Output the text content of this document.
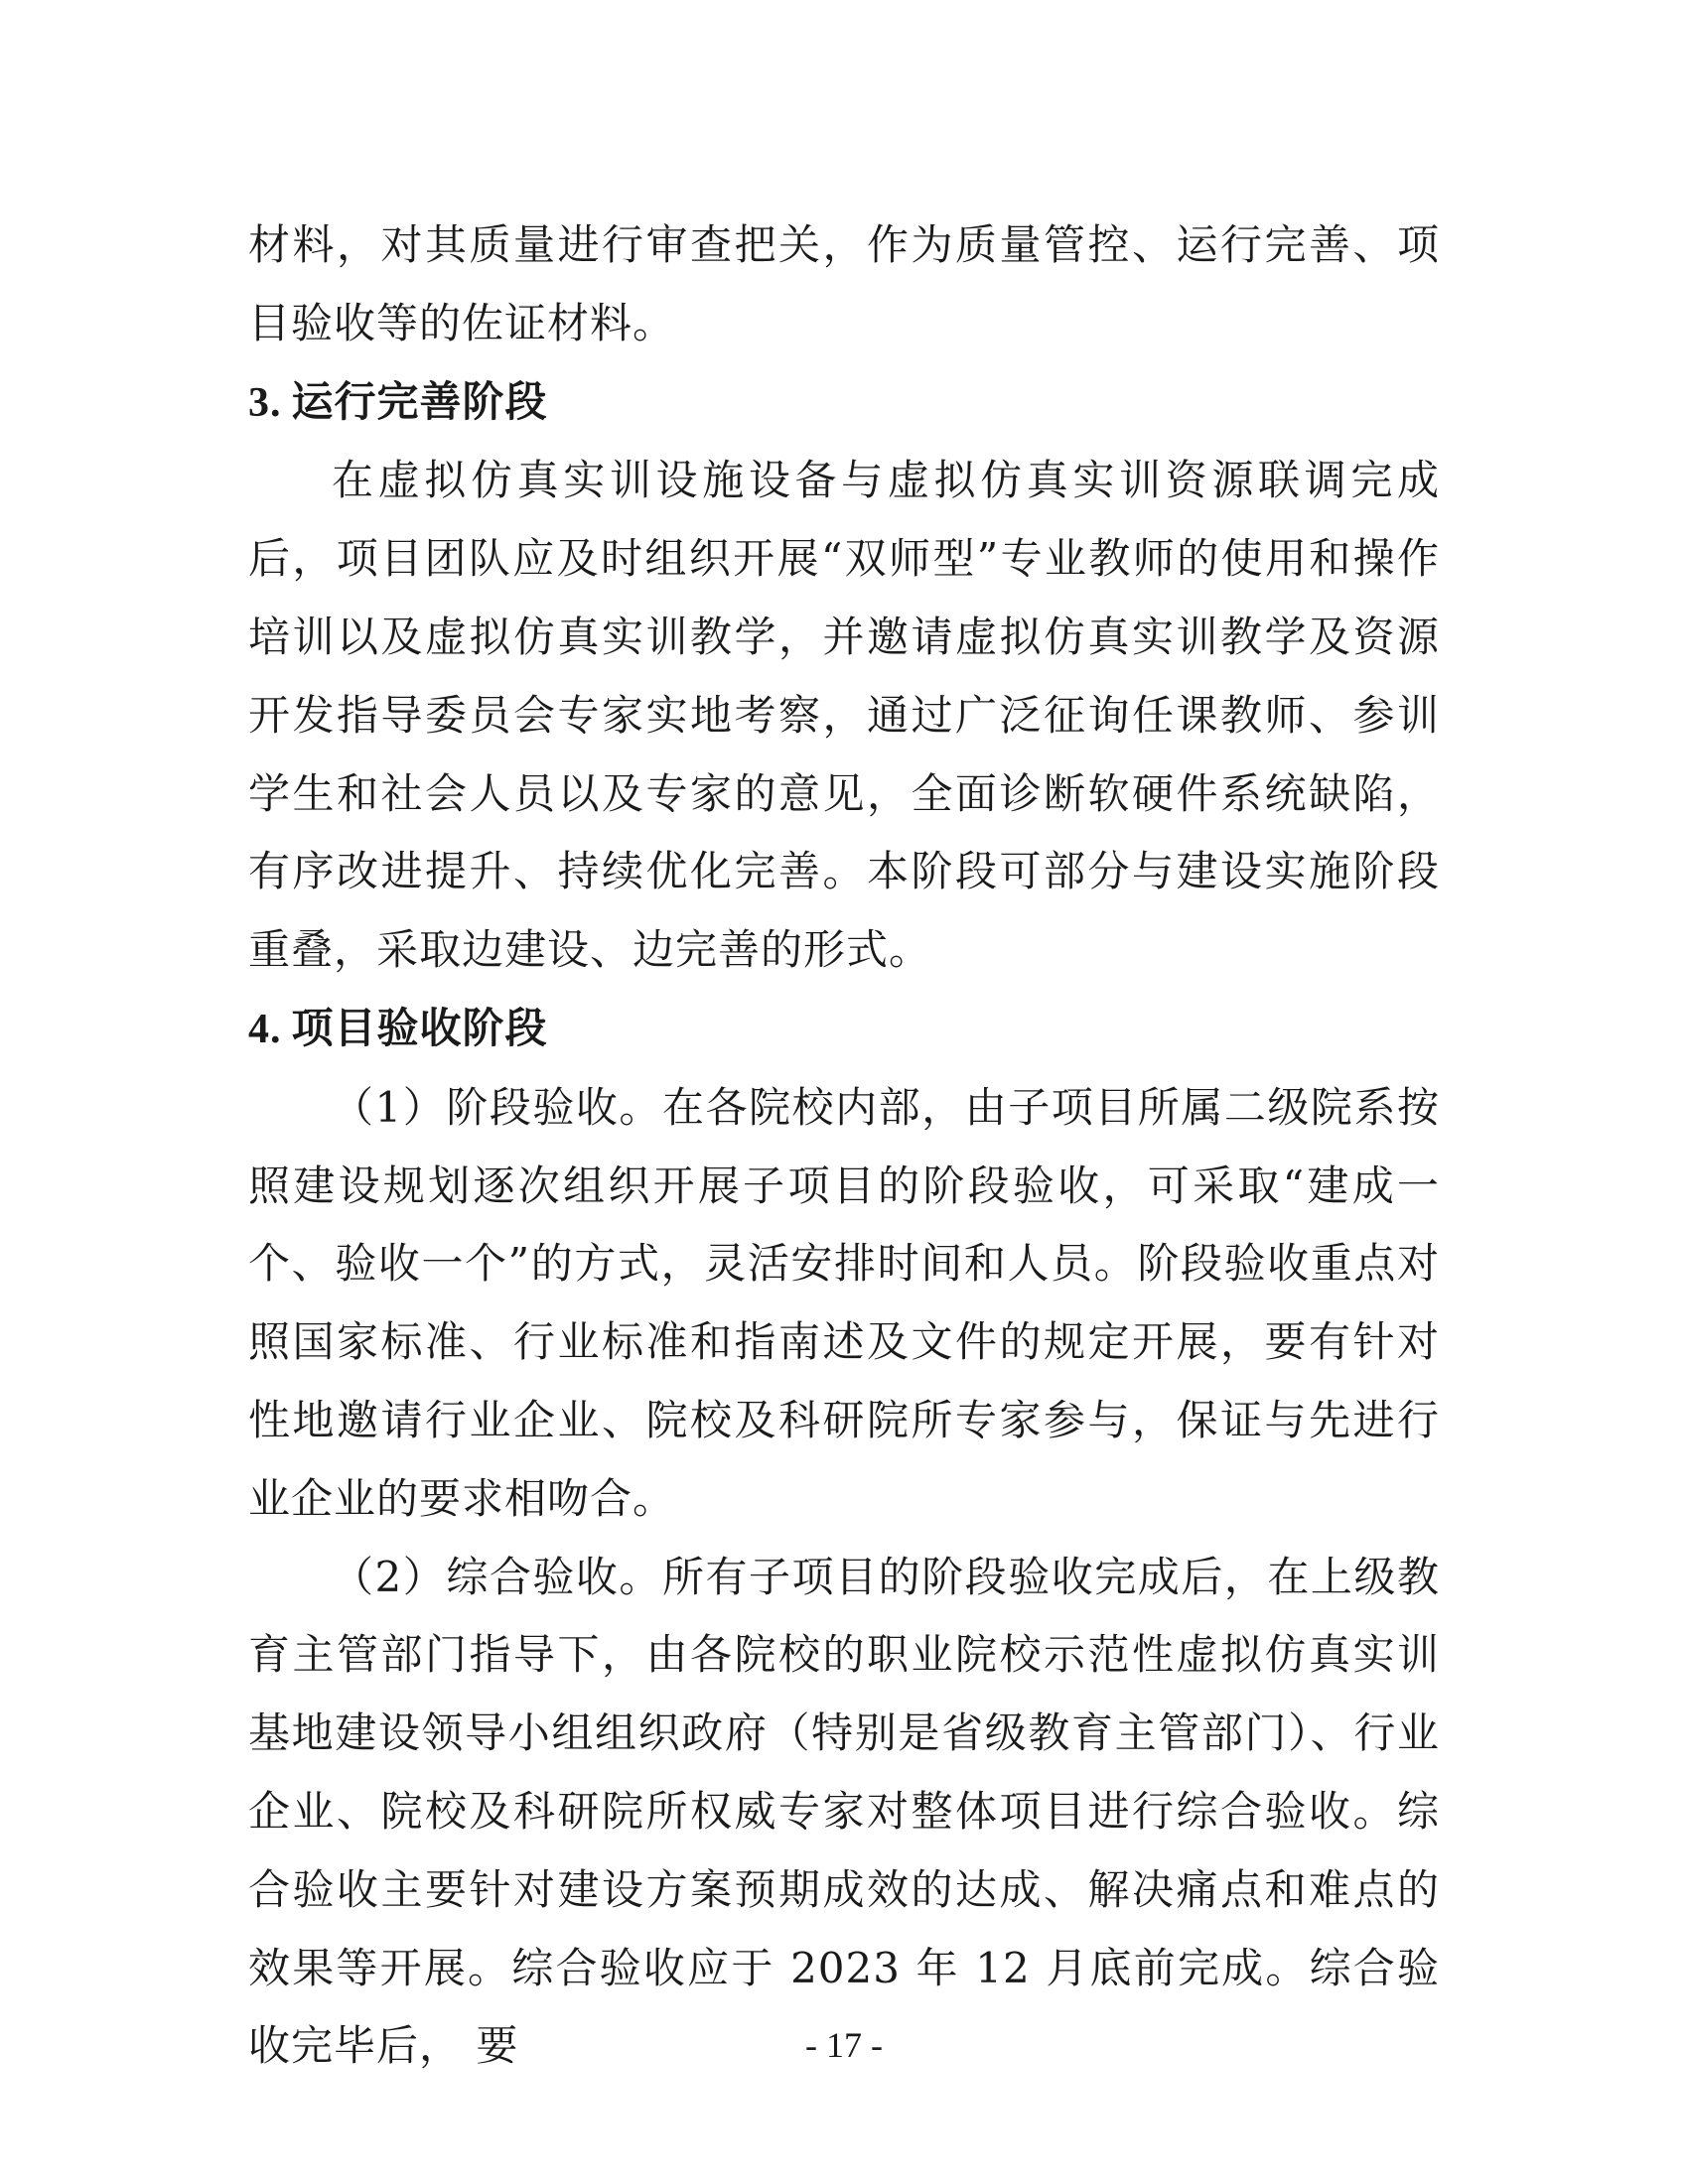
材料，对其质量进行审查把关，作为质量管控、运行完善、项目验收等的佐证材料。

3. 运行完善阶段

在虚拟仿真实训设施设备与虚拟仿真实训资源联调完成后，项目团队应及时组织开展“双师型”专业教师的使用和操作培训以及虚拟仿真实训教学，并邀请虚拟仿真实训教学及资源开发指导委员会专家实地考察，通过广泛征询任课教师、参训学生和社会人员以及专家的意见，全面诊断软硬件系统缺陷，有序改进提升、持续优化完善。本阶段可部分与建设实施阶段重叠，采取边建设、边完善的形式。

4. 项目验收阶段

（1）阶段验收。在各院校内部，由子项目所属二级院系按照建设规划逐次组织开展子项目的阶段验收，可采取“建成一个、验收一个”的方式，灵活安排时间和人员。阶段验收重点对照国家标准、行业标准和指南述及文件的规定开展，要有针对性地邀请行业企业、院校及科研院所专家参与，保证与先进行业企业的要求相吻合。

（2）综合验收。所有子项目的阶段验收完成后，在上级教育主管部门指导下，由各院校的职业院校示范性虚拟仿真实训基地建设领导小组组织政府（特别是省级教育主管部门）、行业企业、院校及科研院所权威专家对整体项目进行综合验收。综合验收主要针对建设方案预期成效的达成、解决痛点和难点的效果等开展。综合验收应于 2023 年 12 月底前完成。综合验收完毕后， 要	- 17 -
